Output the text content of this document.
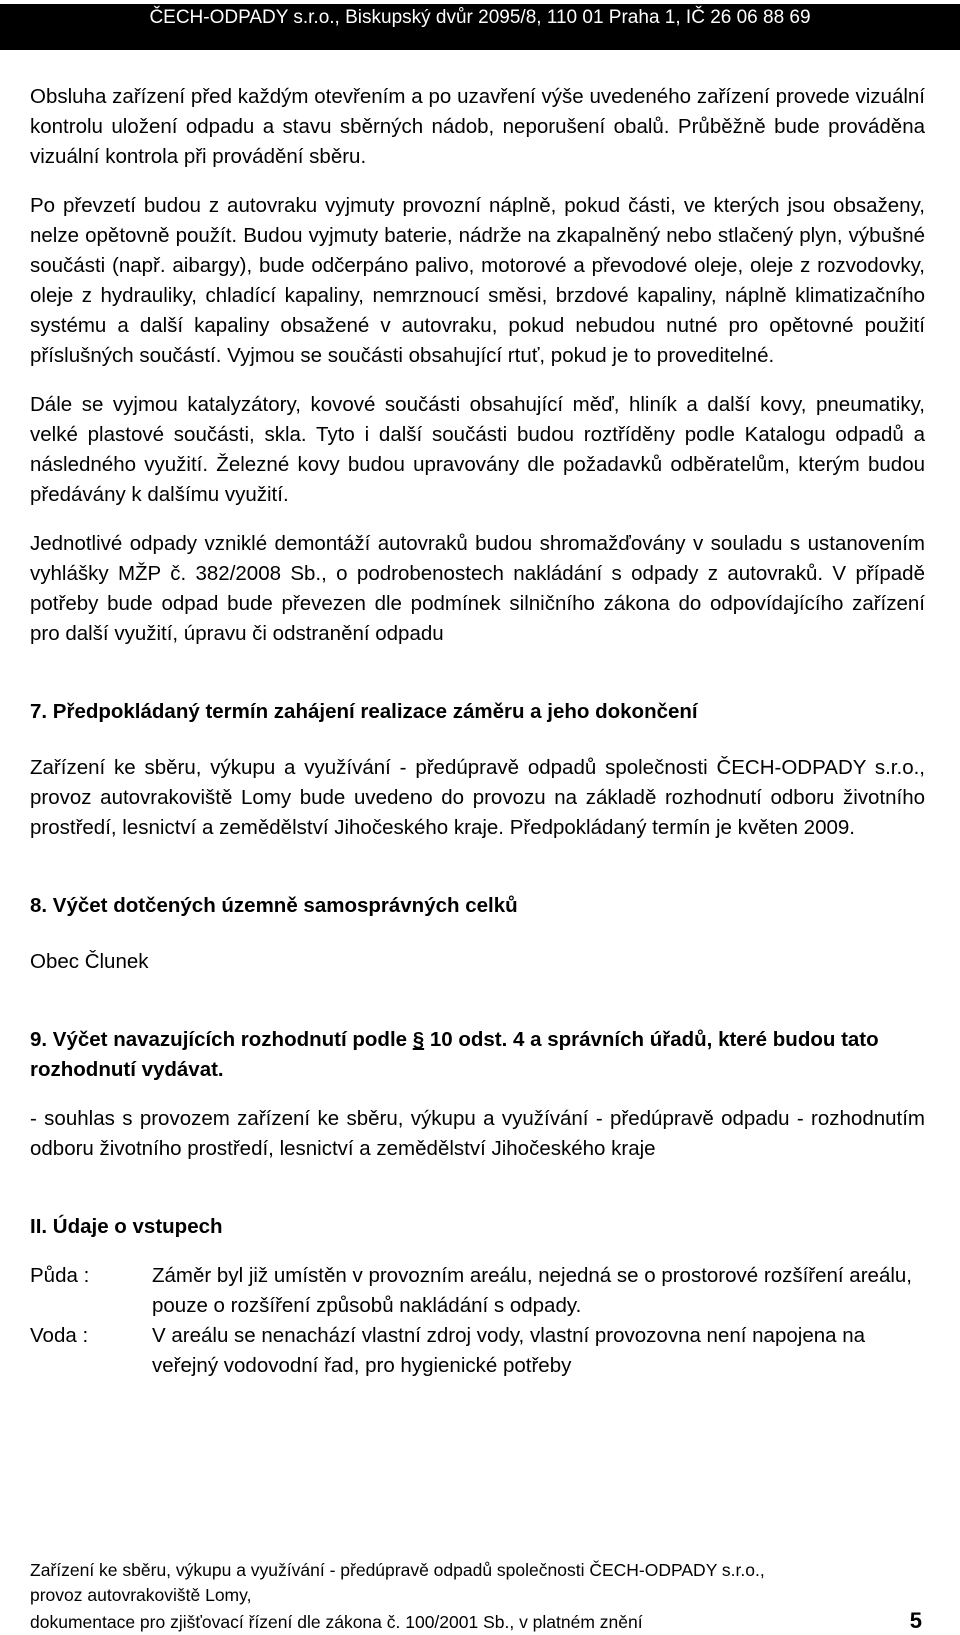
ČECH-ODPADY s.r.o., Biskupský dvůr 2095/8, 110 01 Praha 1, IČ 26 06 88 69

Obsluha zařízení před každým otevřením a po uzavření výše uvedeného zařízení provede vizuální kontrolu uložení odpadu a stavu sběrných nádob, neporušení obalů. Průběžně bude prováděna vizuální kontrola při provádění sběru.

Po převzetí budou z autovraku vyjmuty provozní náplně, pokud části, ve kterých jsou obsaženy, nelze opětovně použít. Budou vyjmuty baterie, nádrže na zkapalněný nebo stlačený plyn, výbušné součásti (např. aibargy), bude odčerpáno palivo, motorové a převodové oleje, oleje z rozvodovky, oleje z hydrauliky, chladící kapaliny, nemrznoucí směsi, brzdové kapaliny, náplně klimatizačního systému a další kapaliny obsažené v autovraku, pokud nebudou nutné pro opětovné použití příslušných součástí. Vyjmou se součásti obsahující rtuť, pokud je to proveditelné.

Dále se vyjmou katalyzátory, kovové součásti obsahující měď, hliník a další kovy, pneumatiky, velké plastové součásti, skla. Tyto i další součásti budou roztříděny podle Katalogu odpadů a následného využití. Železné kovy budou upravovány dle požadavků odběratelům, kterým budou předávány k dalšímu využití.

Jednotlivé odpady vzniklé demontáží autovraků budou shromažďovány v souladu s ustanovením vyhlášky MŽP č. 382/2008 Sb., o podrobenostech nakládání s odpady z autovraků. V případě potřeby bude odpad bude převezen dle podmínek silničního zákona do odpovídajícího zařízení pro další využití, úpravu či odstranění odpadu

7. Předpokládaný termín zahájení realizace záměru a jeho dokončení

Zařízení ke sběru, výkupu a využívání - předúpravě odpadů společnosti ČECH-ODPADY s.r.o., provoz autovrakoviště Lomy bude uvedeno do provozu na základě rozhodnutí odboru životního prostředí, lesnictví a zemědělství Jihočeského kraje. Předpokládaný termín je květen 2009.

8. Výčet dotčených územně samosprávných celků

Obec Člunek

9. Výčet navazujících rozhodnutí podle § 10 odst. 4 a správních úřadů, které budou tato rozhodnutí vydávat.

- souhlas s provozem zařízení ke sběru, výkupu a využívání - předúpravě odpadu - rozhodnutím odboru životního prostředí, lesnictví a zemědělství Jihočeského kraje

II. Údaje o vstupech
Půda :	Záměr byl již umístěn v provozním areálu, nejedná se o prostorové rozšíření areálu, pouze o rozšíření způsobů nakládání s odpady.
Voda :	V areálu se nenachází vlastní zdroj vody, vlastní provozovna není napojena na veřejný vodovodní řad, pro hygienické potřeby
Zařízení ke sběru, výkupu a využívání - předúpravě odpadů společnosti ČECH-ODPADY s.r.o.,
provoz autovrakoviště Lomy,
dokumentace pro zjišťovací řízení dle zákona č. 100/2001 Sb., v platném znění	5
